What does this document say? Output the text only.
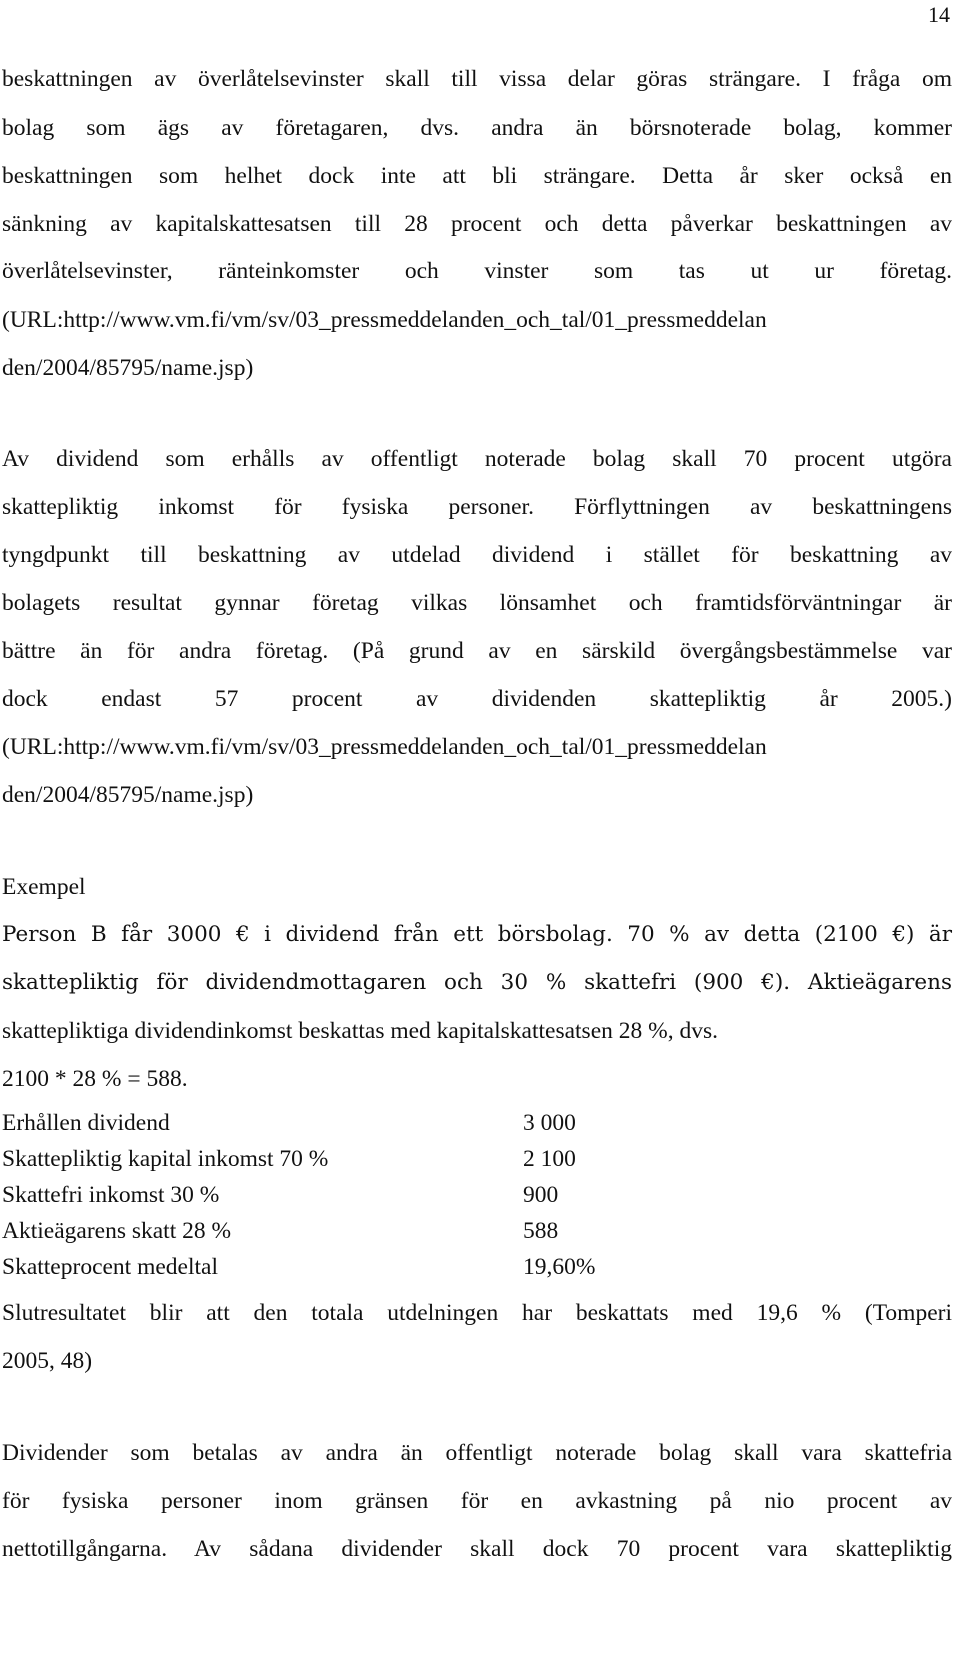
14
beskattningen av överlåtelsevinster skall till vissa delar göras strängare. I fråga om
bolag som ägs av företagaren, dvs. andra än börsnoterade bolag, kommer
beskattningen som helhet dock inte att bli strängare. Detta år sker också en
sänkning av kapitalskattesatsen till 28 procent och detta påverkar beskattningen av
överlåtelsevinster, ränteinkomster och vinster som tas ut ur företag.
(URL:http://www.vm.fi/vm/sv/03_pressmeddelanden_och_tal/01_pressmeddelan
den/2004/85795/name.jsp)
Av dividend som erhålls av offentligt noterade bolag skall 70 procent utgöra
skattepliktig inkomst för fysiska personer. Förflyttningen av beskattningens
tyngdpunkt till beskattning av utdelad dividend i stället för beskattning av
bolagets resultat gynnar företag vilkas lönsamhet och framtidsförväntningar är
bättre än för andra företag. (På grund av en särskild övergångsbestämmelse var
dock endast 57 procent av dividenden skattepliktig år 2005.)
(URL:http://www.vm.fi/vm/sv/03_pressmeddelanden_och_tal/01_pressmeddelan
den/2004/85795/name.jsp)
Exempel
Person B får 3000 € i dividend från ett börsbolag. 70 % av detta (2100 €) är
skattepliktig för dividendmottagaren och 30 % skattefri (900 €). Aktieägarens
skattepliktiga dividendinkomst beskattas med kapitalskattesatsen 28 %, dvs.
2100 * 28 % = 588.
Erhållen dividend	3 000
Skattepliktig kapital inkomst 70 %	2 100
Skattefri inkomst 30 %	900
Aktieägarens skatt 28 %	588
Skatteprocent medeltal	19,60%
Slutresultatet blir att den totala utdelningen har beskattats med 19,6 % (Tomperi
2005, 48)
Dividender som betalas av andra än offentligt noterade bolag skall vara skattefria
för fysiska personer inom gränsen för en avkastning på nio procent av
nettotillgångarna. Av sådana dividender skall dock 70 procent vara skattepliktig
